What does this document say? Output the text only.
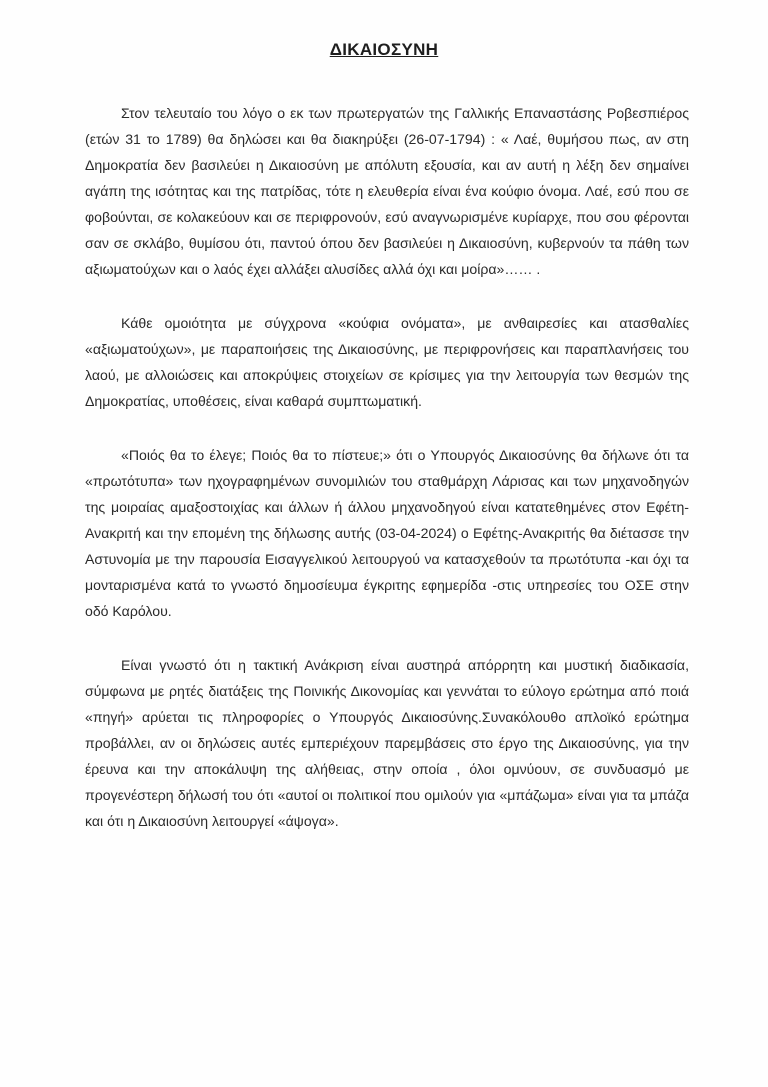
ΔΙΚΑΙΟΣΥΝΗ

Στον τελευταίο του λόγο ο εκ των πρωτεργατών της Γαλλικής Επαναστάσης Ροβεσπιέρος (ετών 31 το 1789) θα δηλώσει και θα διακηρύξει (26-07-1794) : « Λαέ, θυμήσου πως, αν στη Δημοκρατία δεν βασιλεύει η Δικαιοσύνη με απόλυτη εξουσία, και αν αυτή η λέξη δεν σημαίνει αγάπη της ισότητας και της πατρίδας, τότε η ελευθερία είναι ένα κούφιο όνομα. Λαέ, εσύ που σε φοβούνται, σε κολακεύουν και σε περιφρονούν, εσύ αναγνωρισμένε κυρίαρχε, που σου φέρονται σαν σε σκλάβο, θυμίσου ότι, παντού όπου δεν βασιλεύει η Δικαιοσύνη, κυβερνούν τα πάθη των αξιωματούχων και ο λαός έχει αλλάξει αλυσίδες αλλά όχι και μοίρα»…… .

Κάθε ομοιότητα με σύγχρονα «κούφια ονόματα», με ανθαιρεσίες και ατασθαλίες «αξιωματούχων», με παραποιήσεις της Δικαιοσύνης, με περιφρονήσεις και παραπλανήσεις του λαού, με αλλοιώσεις και αποκρύψεις στοιχείων σε κρίσιμες για την λειτουργία των θεσμών της Δημοκρατίας, υποθέσεις, είναι καθαρά συμπτωματική.

«Ποιός θα το έλεγε; Ποιός θα το πίστευε;» ότι ο Υπουργός Δικαιοσύνης θα δήλωνε ότι τα «πρωτότυπα» των ηχογραφημένων συνομιλιών του σταθμάρχη Λάρισας και των μηχανοδηγών της μοιραίας αμαξοστοιχίας και άλλων ή άλλου μηχανοδηγού είναι κατατεθημένες στον Εφέτη-Ανακριτή και την επομένη της δήλωσης αυτής (03-04-2024) ο Εφέτης-Ανακριτής θα διέτασσε την Αστυνομία με την παρουσία Εισαγγελικού λειτουργού να κατασχεθούν τα πρωτότυπα -και όχι τα μονταρισμένα κατά το γνωστό δημοσίευμα έγκριτης εφημερίδα -στις υπηρεσίες του ΟΣΕ στην οδό Καρόλου.

Είναι γνωστό ότι η τακτική Ανάκριση είναι αυστηρά απόρρητη και μυστική διαδικασία, σύμφωνα με ρητές διατάξεις της Ποινικής Δικονομίας και γεννάται το εύλογο ερώτημα από ποιά «πηγή» αρύεται τις πληροφορίες ο Υπουργός Δικαιοσύνης.Συνακόλουθο απλοϊκό ερώτημα προβάλλει, αν οι δηλώσεις αυτές εμπεριέχουν παρεμβάσεις στο έργο της Δικαιοσύνης, για την έρευνα και την αποκάλυψη της αλήθειας, στην οποία , όλοι ομνύουν, σε συνδυασμό με προγενέστερη δήλωσή του ότι «αυτοί οι πολιτικοί που ομιλούν για «μπάζωμα» είναι για τα μπάζα και ότι η Δικαιοσύνη λειτουργεί «άψογα».
